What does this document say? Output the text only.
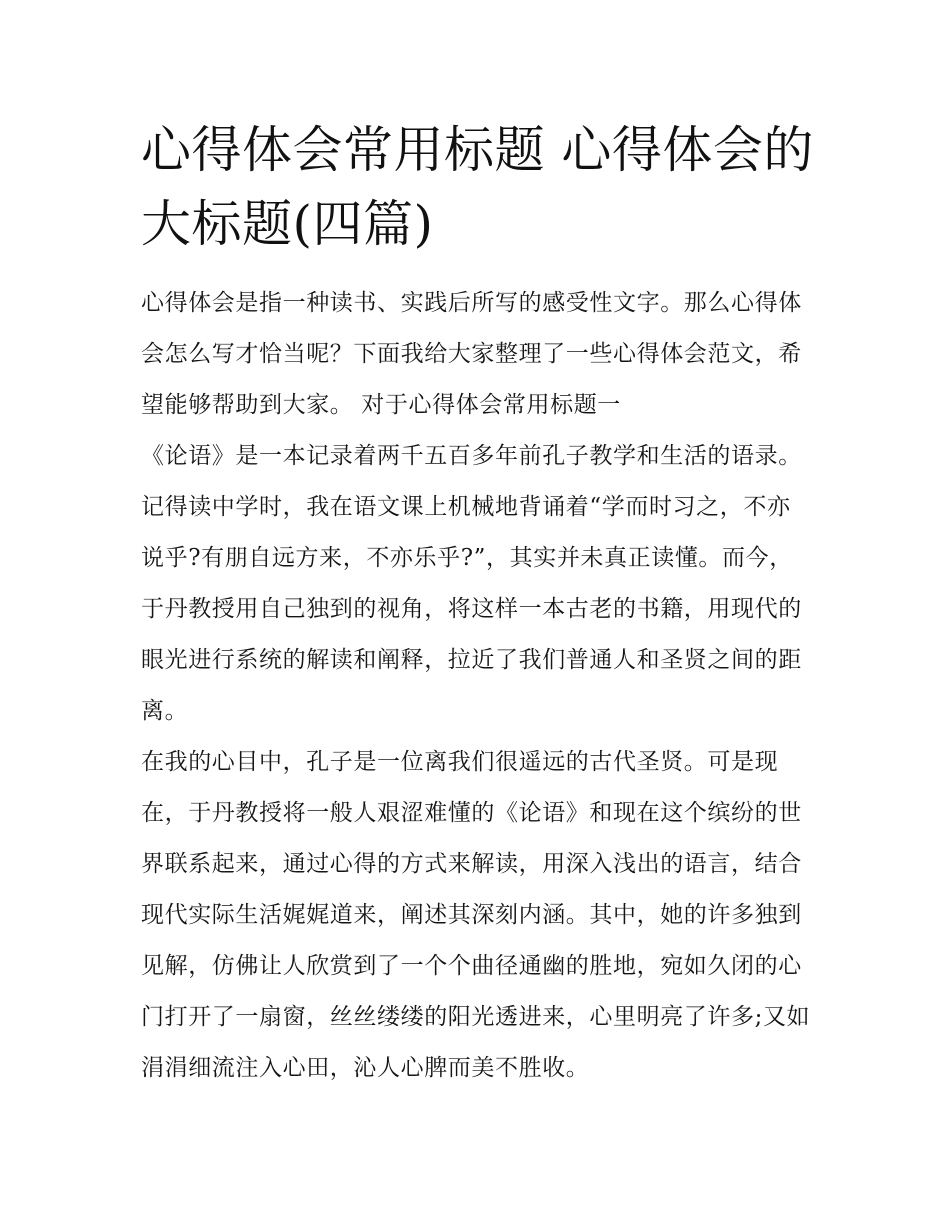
心得体会常用标题 心得体会的大标题(四篇)

心得体会是指一种读书、实践后所写的感受性文字。那么心得体会怎么写才恰当呢？下面我给大家整理了一些心得体会范文，希望能够帮助到大家。 对于心得体会常用标题一

《论语》是一本记录着两千五百多年前孔子教学和生活的语录。记得读中学时，我在语文课上机械地背诵着“学而时习之，不亦说乎?有朋自远方来，不亦乐乎?”，其实并未真正读懂。而今，于丹教授用自己独到的视角，将这样一本古老的书籍，用现代的眼光进行系统的解读和阐释，拉近了我们普通人和圣贤之间的距离。

在我的心目中，孔子是一位离我们很遥远的古代圣贤。可是现在，于丹教授将一般人艰涩难懂的《论语》和现在这个缤纷的世界联系起来，通过心得的方式来解读，用深入浅出的语言，结合现代实际生活娓娓道来，阐述其深刻内涵。其中，她的许多独到见解，仿佛让人欣赏到了一个个曲径通幽的胜地，宛如久闭的心门打开了一扇窗，丝丝缕缕的阳光透进来，心里明亮了许多;又如涓涓细流注入心田，沁人心脾而美不胜收。
